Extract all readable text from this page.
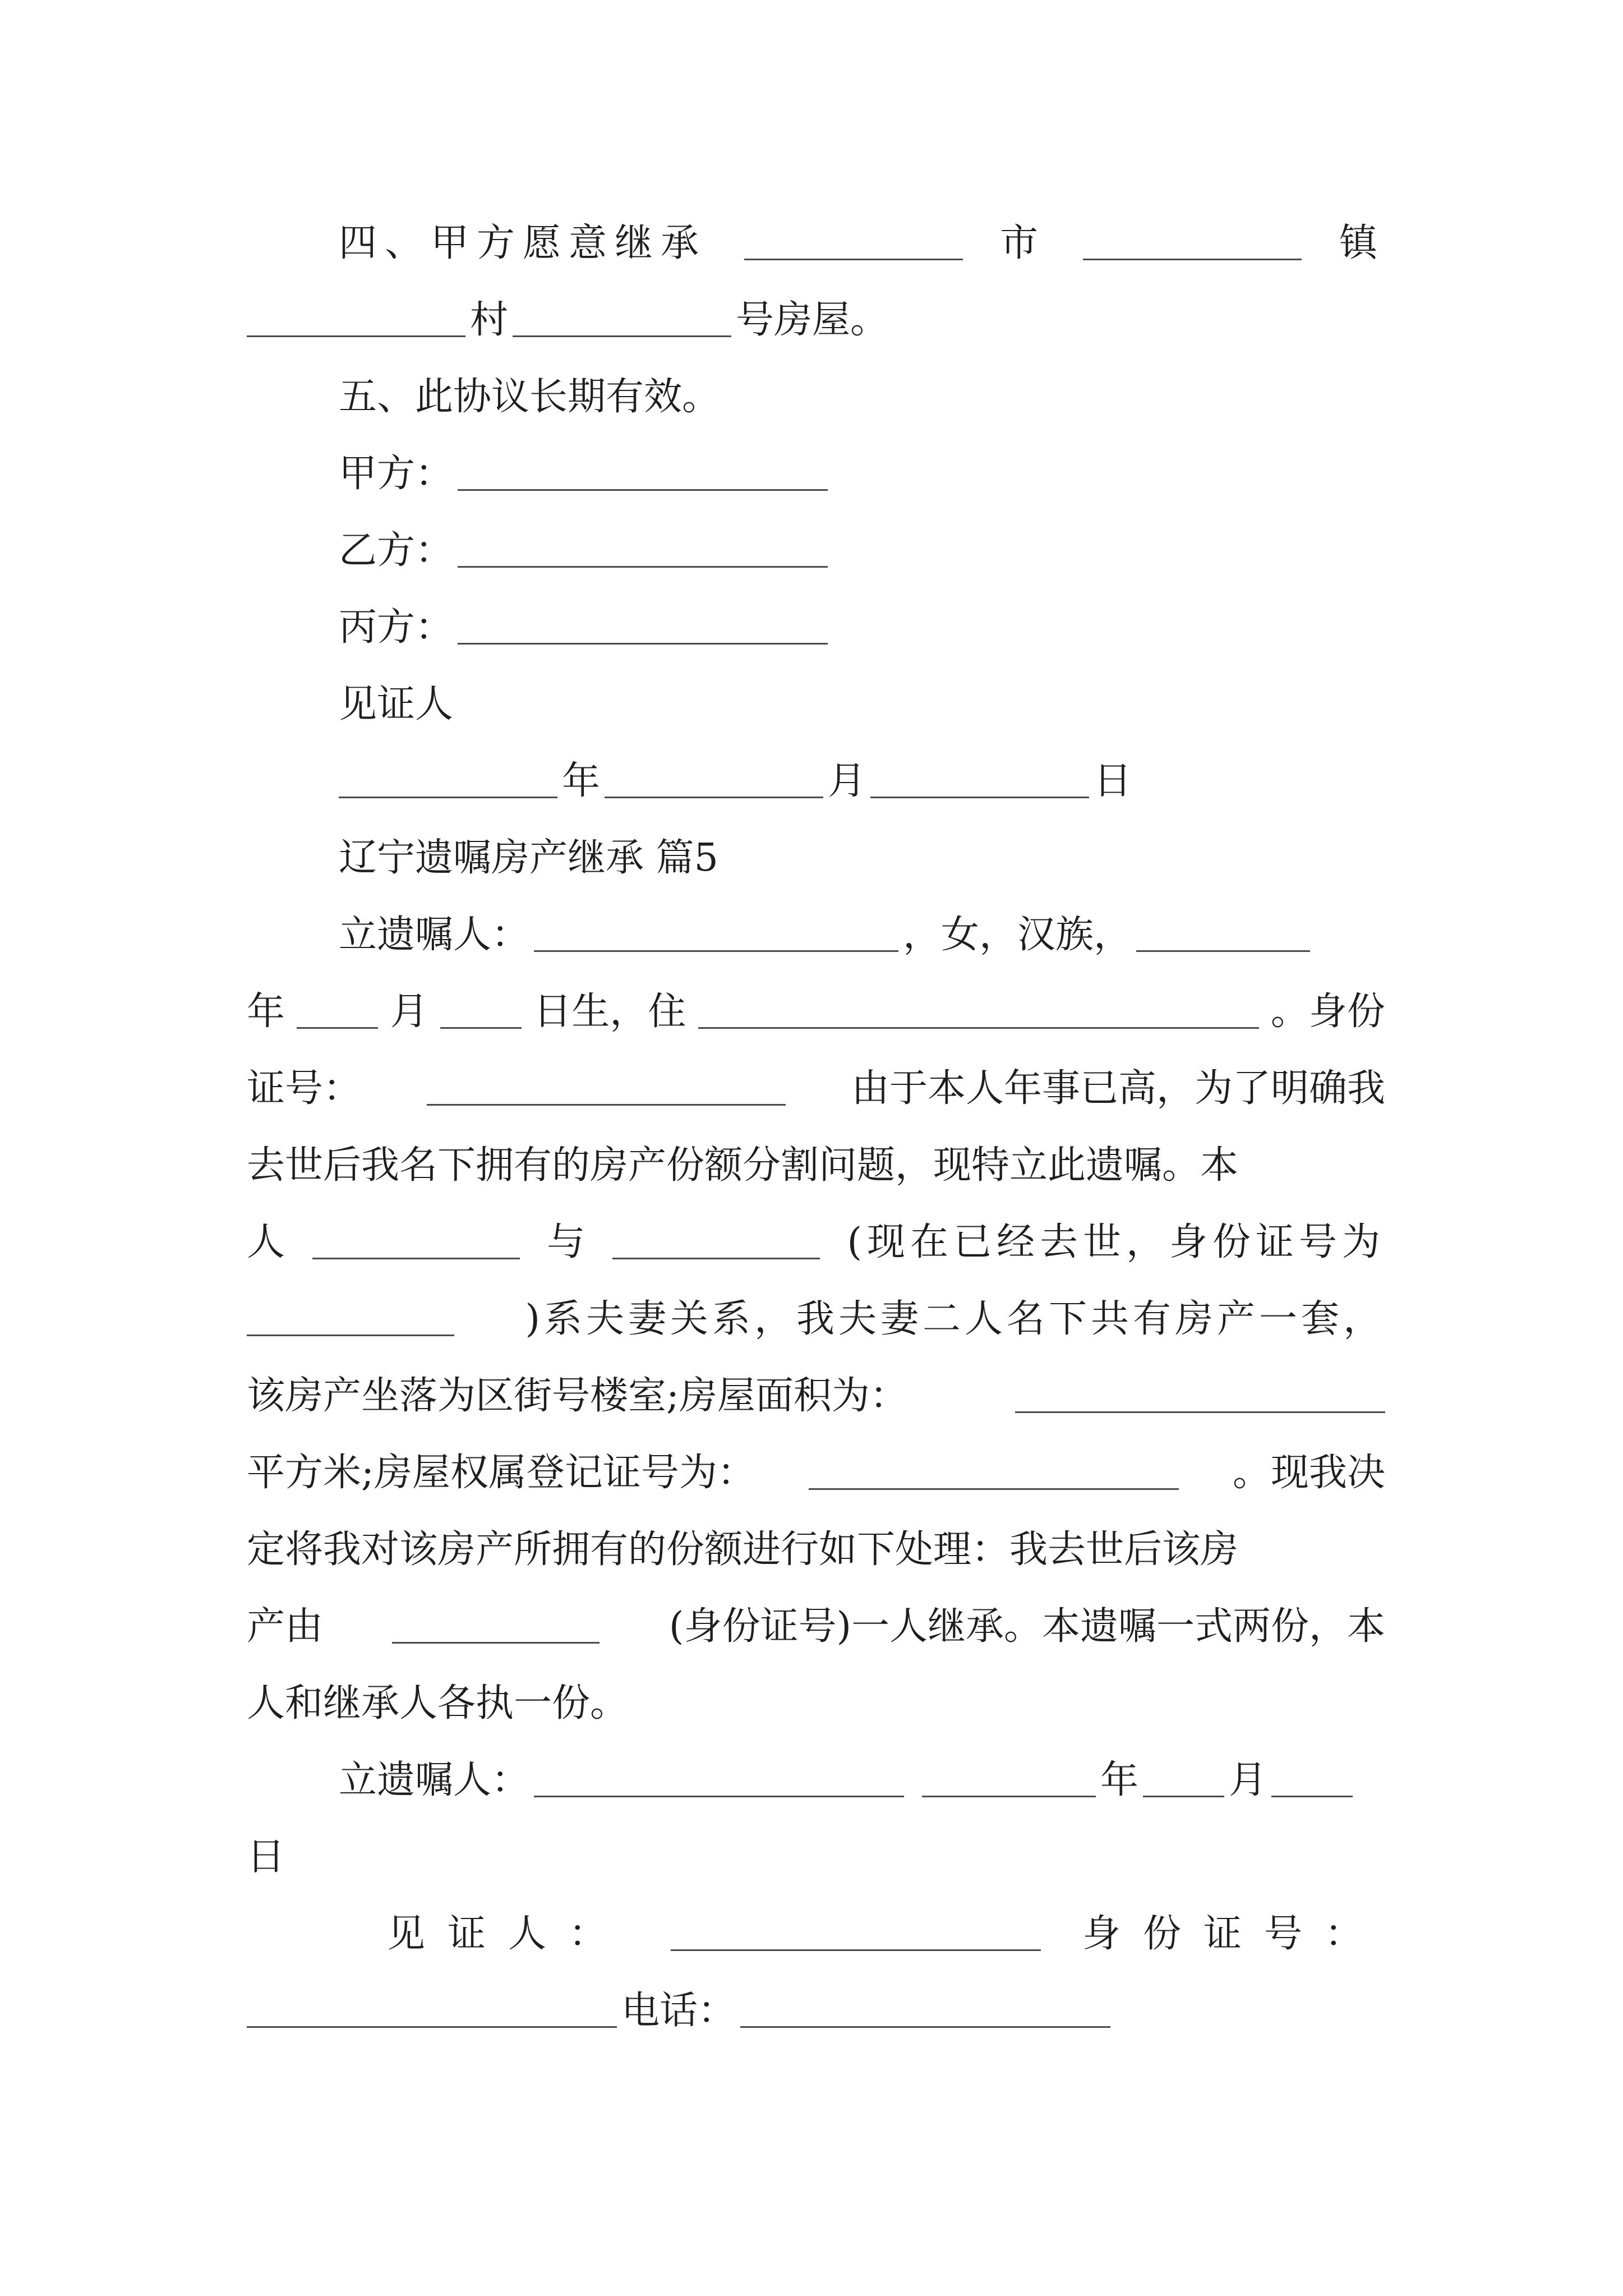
四、甲方愿意继承	市	镇
村	号房屋。
五、此协议长期有效。
甲方：
乙方：
丙方：
见证人
年	月	日
辽宁遗嘱房产继承 篇5
立遗嘱人：	，女，汉族，
年	月	日生，住	。身份
证号：	由于本人年事已高，为了明确我
去世后我名下拥有的房产份额分割问题，现特立此遗嘱。本
人	与	(现在已经去世，身份证号为
)系夫妻关系，我夫妻二人名下共有房产一套，
该房产坐落为区街号楼室;房屋面积为：
平方米;房屋权属登记证号为：	。现我决
定将我对该房产所拥有的份额进行如下处理：我去世后该房
产由	(身份证号)一人继承。本遗嘱一式两份，本
人和继承人各执一份。
立遗嘱人：	年 月
日
见证人：	身份证号：
电话：
